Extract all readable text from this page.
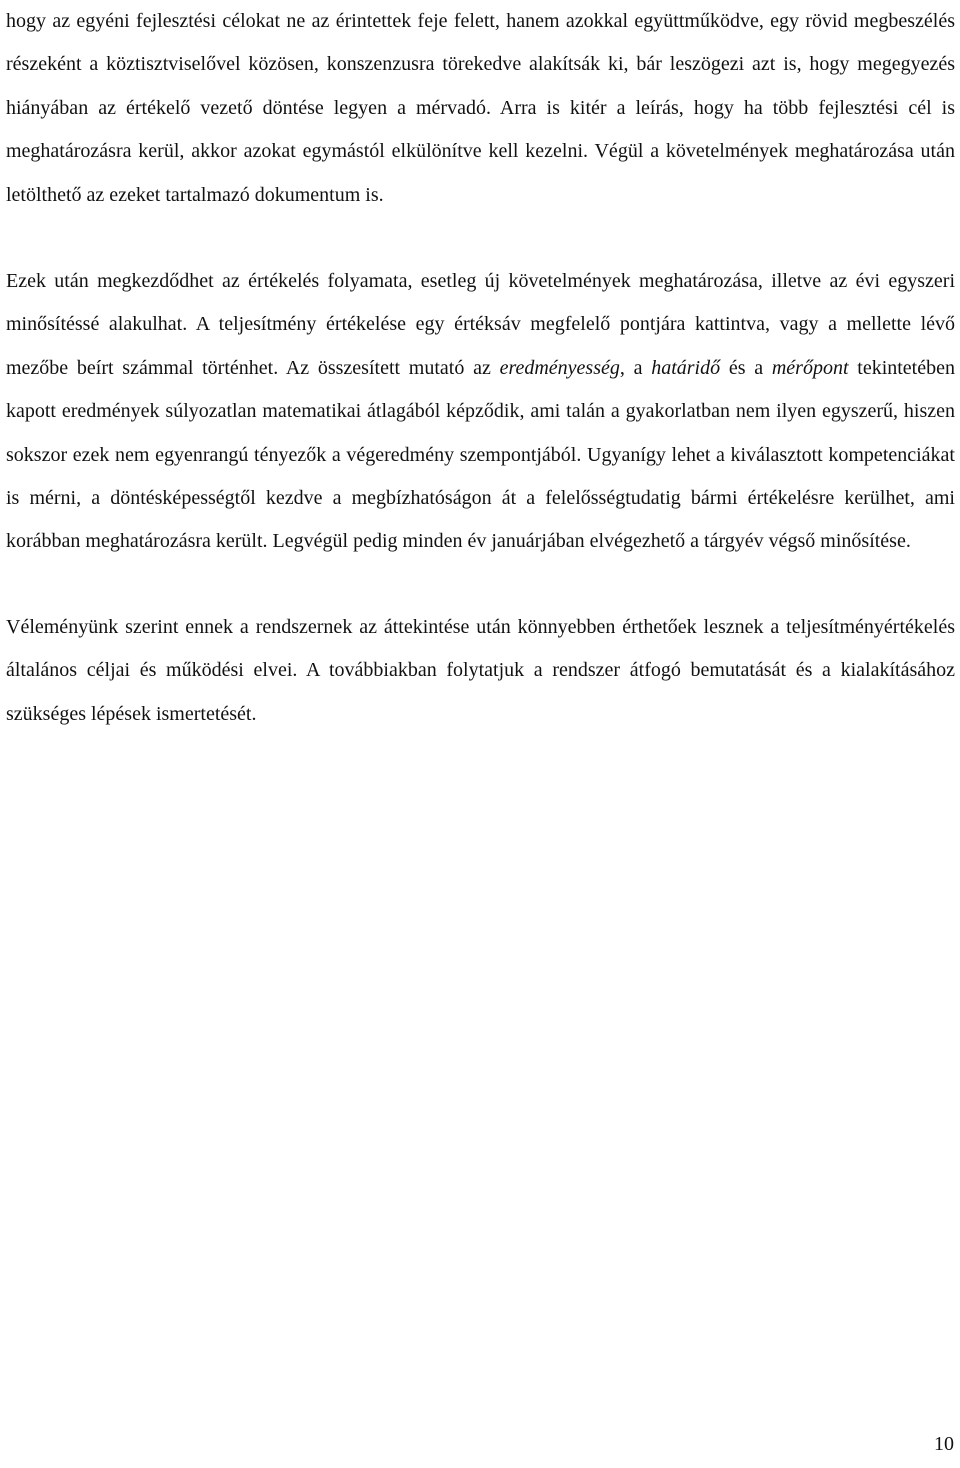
hogy az egyéni fejlesztési célokat ne az érintettek feje felett, hanem azokkal együttműködve, egy rövid megbeszélés részeként a köztisztviselővel közösen, konszenzusra törekedve alakítsák ki, bár leszögezi azt is, hogy megegyezés hiányában az értékelő vezető döntése legyen a mérvadó. Arra is kitér a leírás, hogy ha több fejlesztési cél is meghatározásra kerül, akkor azokat egymástól elkülönítve kell kezelni. Végül a követelmények meghatározása után letölthető az ezeket tartalmazó dokumentum is.

Ezek után megkezdődhet az értékelés folyamata, esetleg új követelmények meghatározása, illetve az évi egyszeri minősítéssé alakulhat. A teljesítmény értékelése egy értéksáv megfelelő pontjára kattintva, vagy a mellette lévő mezőbe beírt számmal történhet. Az összesített mutató az eredményesség, a határidő és a mérőpont tekintetében kapott eredmények súlyozatlan matematikai átlagából képződik, ami talán a gyakorlatban nem ilyen egyszerű, hiszen sokszor ezek nem egyenrangú tényezők a végeredmény szempontjából. Ugyanígy lehet a kiválasztott kompetenciákat is mérni, a döntésképességtől kezdve a megbízhatóságon át a felelősségtudatig bármi értékelésre kerülhet, ami korábban meghatározásra került. Legvégül pedig minden év januárjában elvégezhető a tárgyév végső minősítése.

Véleményünk szerint ennek a rendszernek az áttekintése után könnyebben érthetőek lesznek a teljesítményértékelés általános céljai és működési elvei. A továbbiakban folytatjuk a rendszer átfogó bemutatását és a kialakításához szükséges lépések ismertetését.

10
